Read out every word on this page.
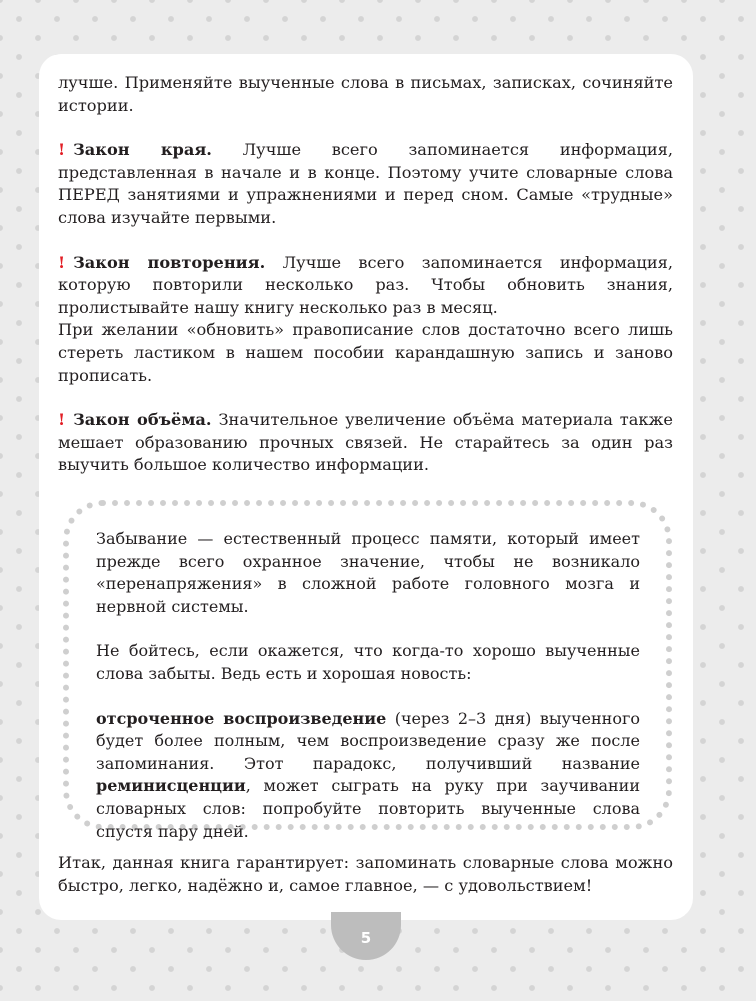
лучше. Применяйте выученные слова в письмах, записках, сочиняйте истории.

! Закон края. Лучше всего запоминается информация, представленная в начале и в конце. Поэтому учите словарные слова ПЕРЕД занятиями и упражнениями и перед сном. Самые «трудные» слова изучайте первыми.

! Закон повторения. Лучше всего запоминается информация, которую повторили несколько раз. Чтобы обновить знания, пролистывайте нашу книгу несколько раз в месяц.

При желании «обновить» правописание слов достаточно всего лишь стереть ластиком в нашем пособии карандашную запись и заново прописать.

! Закон объёма. Значительное увеличение объёма материала также мешает образованию прочных связей. Не старайтесь за один раз выучить большое количество информации.

Забывание — естественный процесс памяти, который имеет прежде всего охранное значение, чтобы не возникало «перенапряжения» в сложной работе головного мозга и нервной системы.

Не бойтесь, если окажется, что когда-то хорошо выученные слова забыты. Ведь есть и хорошая новость:

отсроченное воспроизведение (через 2–3 дня) выученного будет более полным, чем воспроизведение сразу же после запоминания. Этот парадокс, получивший название реминисценции, может сыграть на руку при заучивании словарных слов: попробуйте повторить выученные слова спустя пару дней.

Итак, данная книга гарантирует: запоминать словарные слова можно быстро, легко, надёжно и, самое главное, — с удовольствием!

5
